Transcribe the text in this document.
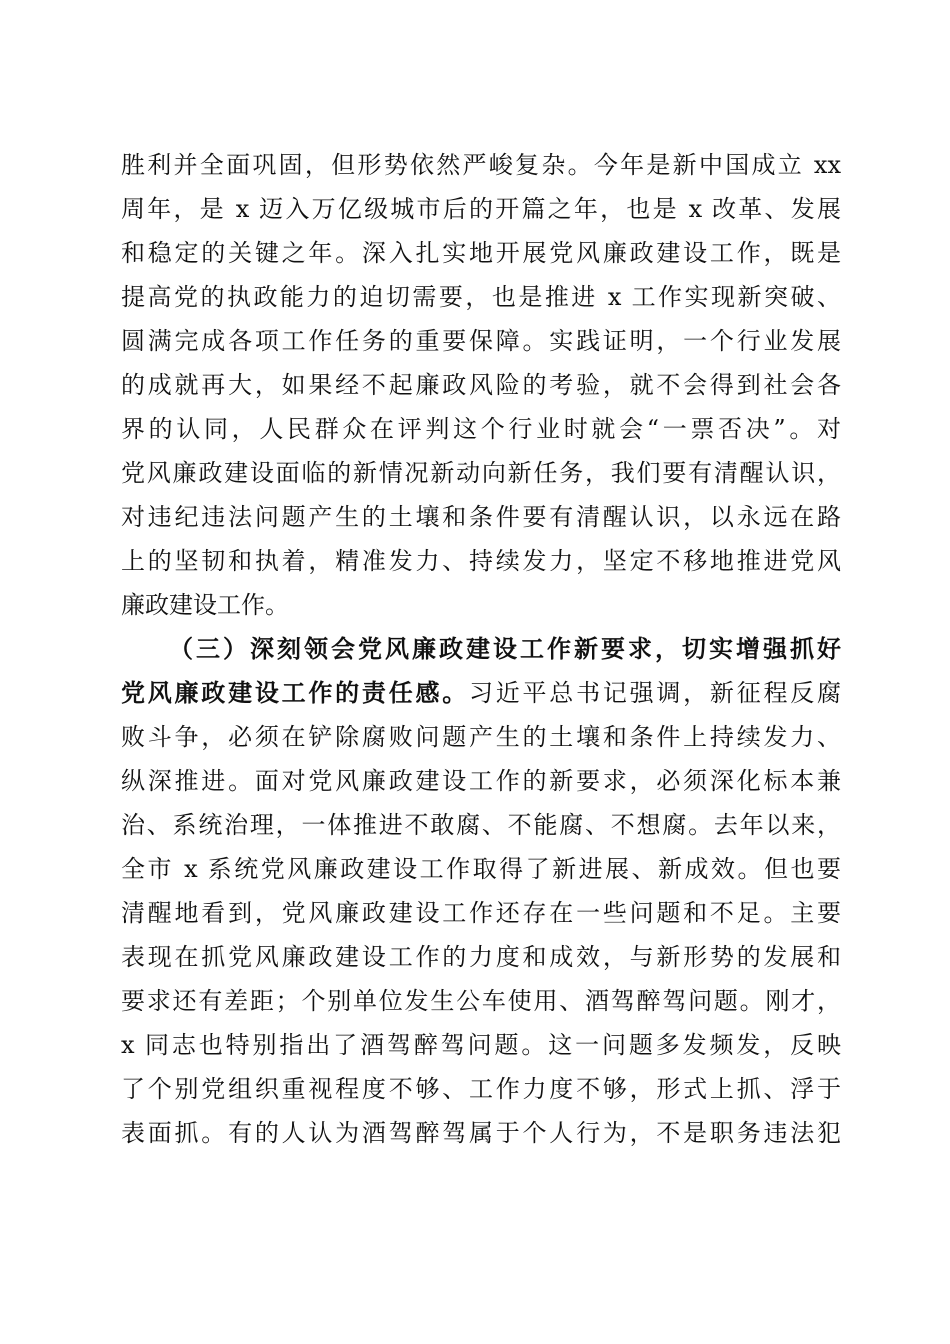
胜利并全面巩固，但形势依然严峻复杂。今年是新中国成立 xx
周年，是 x 迈入万亿级城市后的开篇之年，也是 x 改革、发展
和稳定的关键之年。深入扎实地开展党风廉政建设工作，既是
提高党的执政能力的迫切需要，也是推进 x 工作实现新突破、
圆满完成各项工作任务的重要保障。实践证明，一个行业发展
的成就再大，如果经不起廉政风险的考验，就不会得到社会各
界的认同，人民群众在评判这个行业时就会“一票否决”。对
党风廉政建设面临的新情况新动向新任务，我们要有清醒认识，
对违纪违法问题产生的土壤和条件要有清醒认识，以永远在路
上的坚韧和执着，精准发力、持续发力，坚定不移地推进党风
廉政建设工作。
（三）深刻领会党风廉政建设工作新要求，切实增强抓好
党风廉政建设工作的责任感。习近平总书记强调，新征程反腐
败斗争，必须在铲除腐败问题产生的土壤和条件上持续发力、
纵深推进。面对党风廉政建设工作的新要求，必须深化标本兼
治、系统治理，一体推进不敢腐、不能腐、不想腐。去年以来，
全市 x 系统党风廉政建设工作取得了新进展、新成效。但也要
清醒地看到，党风廉政建设工作还存在一些问题和不足。主要
表现在抓党风廉政建设工作的力度和成效，与新形势的发展和
要求还有差距；个别单位发生公车使用、酒驾醉驾问题。刚才，
x 同志也特别指出了酒驾醉驾问题。这一问题多发频发，反映
了个别党组织重视程度不够、工作力度不够，形式上抓、浮于
表面抓。有的人认为酒驾醉驾属于个人行为，不是职务违法犯
